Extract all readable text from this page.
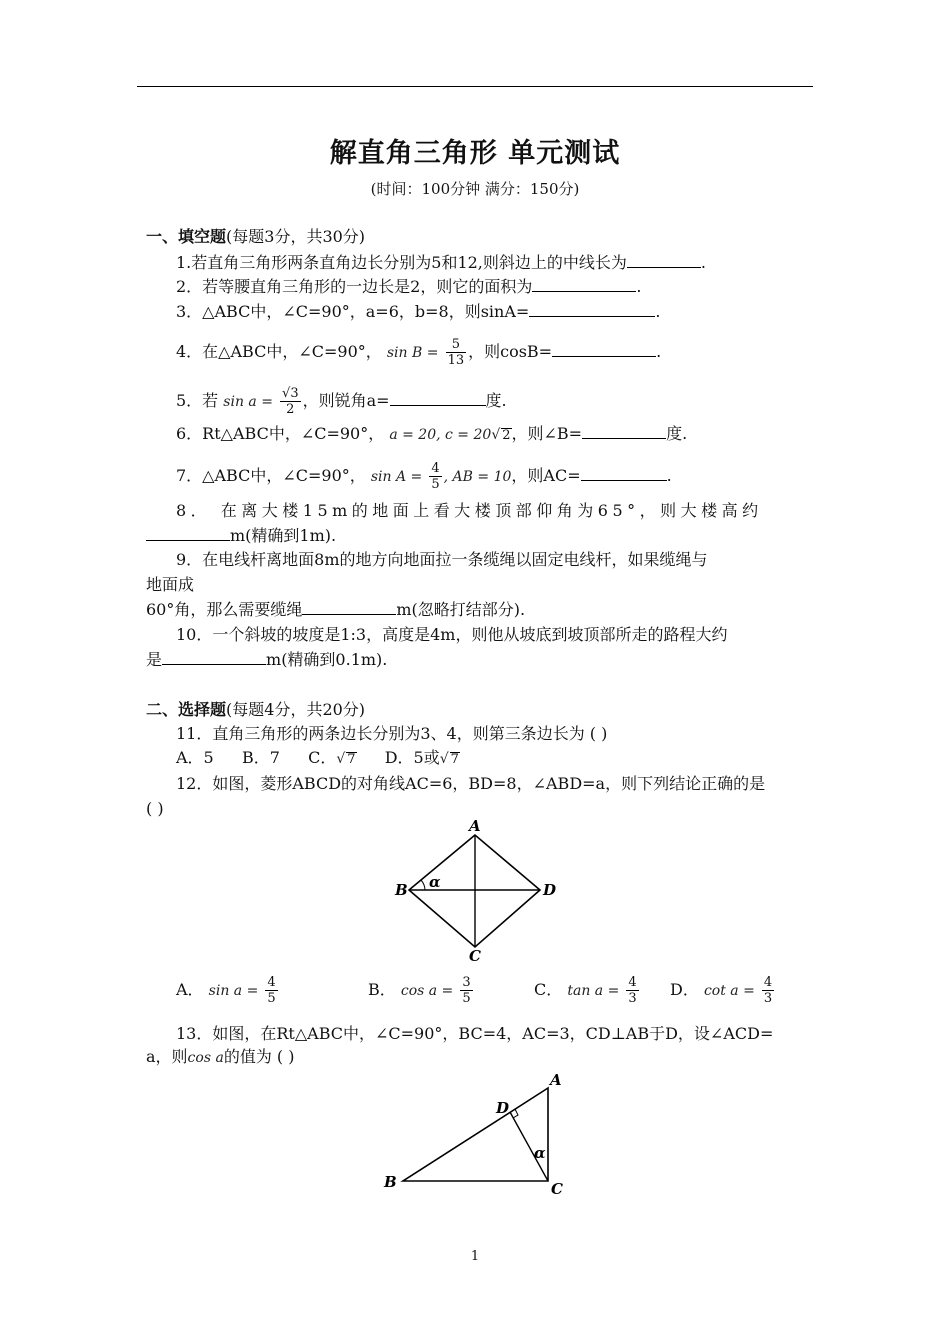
解直角三角形 单元测试
(时间：100分钟 满分：150分)
一、填空题(每题3分，共30分)
1.若直角三角形两条直角边长分别为5和12,则斜边上的中线长为	.
2．若等腰直角三角形的一边长是2，则它的面积为	.
3．△ABC中，∠C=90°，a=6，b=8，则sinA=	.
4．在△ABC中，∠C=90°， $\sin B = \frac{5}{13}$ ，则cosB=	.
5．若 $\sin a = \frac{√3}{2}$ ，则锐角a=	度.
6．Rt△ABC中，∠C=90°， a = 20, c = 20√ 2，则∠B=	度.
7．△ABC中，∠C=90°， $\sin A = \frac{4}{5}$ , AB = 10，则AC=	.
8． 在离大楼15m的地面上看大楼顶部仰角为65°，则大楼高约
m(精确到1m).
9．在电线杆离地面8m的地方向地面拉一条缆绳以固定电线杆，如果缆绳与
地面成
60°角，那么需要缆绳	m(忽略打结部分).
10．一个斜坡的坡度是1:3，高度是4m，则他从坡底到坡顶部所走的路程大约
是	m(精确到0.1m).
二、选择题(每题4分，共20分)
11．直角三角形的两条边长分别为3、4，则第三条边长为 ( )
A．5 B．7 C．√ 7 D．5或√ 7
12．如图，菱形ABCD的对角线AC=6，BD=8，∠ABD=a，则下列结论正确的是
( )
A
B
C
D
α
A． $\sin a = \frac{4}{5}$	B． $\cos a = \frac{3}{5}$	C． $\tan a = \frac{4}{3}$ D． $\cot a = \frac{4}{3}$
13．如图，在Rt△ABC中，∠C=90°，BC=4，AC=3，CD⊥AB于D，设∠ACD=
a，则cos a的值为 ( )
A
B	C
D
α
1
